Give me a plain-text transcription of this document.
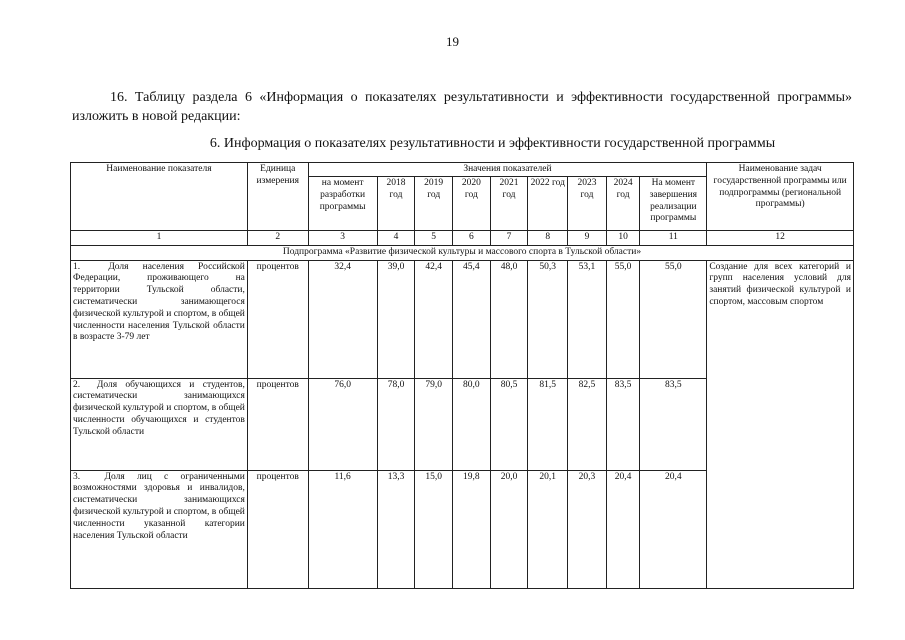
19

16. Таблицу раздела 6 «Информация о показателях результативности и эффективности государственной программы» изложить в новой редакции:

6. Информация о показателях результативности и эффективности государственной программы
Наименование показателя	Единица измерения	Значения показателей									Наименование задач государственной программы или подпрограммы (региональной программы)
		на момент разработки программы	2018 год	2019 год	2020 год	2021 год	2022 год	2023 год	2024 год	На момент завершения реализации программы	
1	2	3	4	5	6	7	8	9	10	11	12
Подпрограмма «Развитие физической культуры и массового спорта в Тульской области»											
1. Доля населения Российской Федерации, проживающего на территории Тульской области, систематически занимающегося физической культурой и спортом, в общей численности населения Тульской области в возрасте 3-79 лет	процентов	32,4	39,0	42,4	45,4	48,0	50,3	53,1	55,0	55,0	Создание для всех категорий и групп населения условий для занятий физической культурой и спортом, массовым спортом
2. Доля обучающихся и студентов, систематически занимающихся физической культурой и спортом, в общей численности обучающихся и студентов Тульской области	процентов	76,0	78,0	79,0	80,0	80,5	81,5	82,5	83,5	83,5	
3. Доля лиц с ограниченными возможностями здоровья и инвалидов, систематически занимающихся физической культурой и спортом, в общей численности указанной категории населения Тульской области	процентов	11,6	13,3	15,0	19,8	20,0	20,1	20,3	20,4	20,4	
